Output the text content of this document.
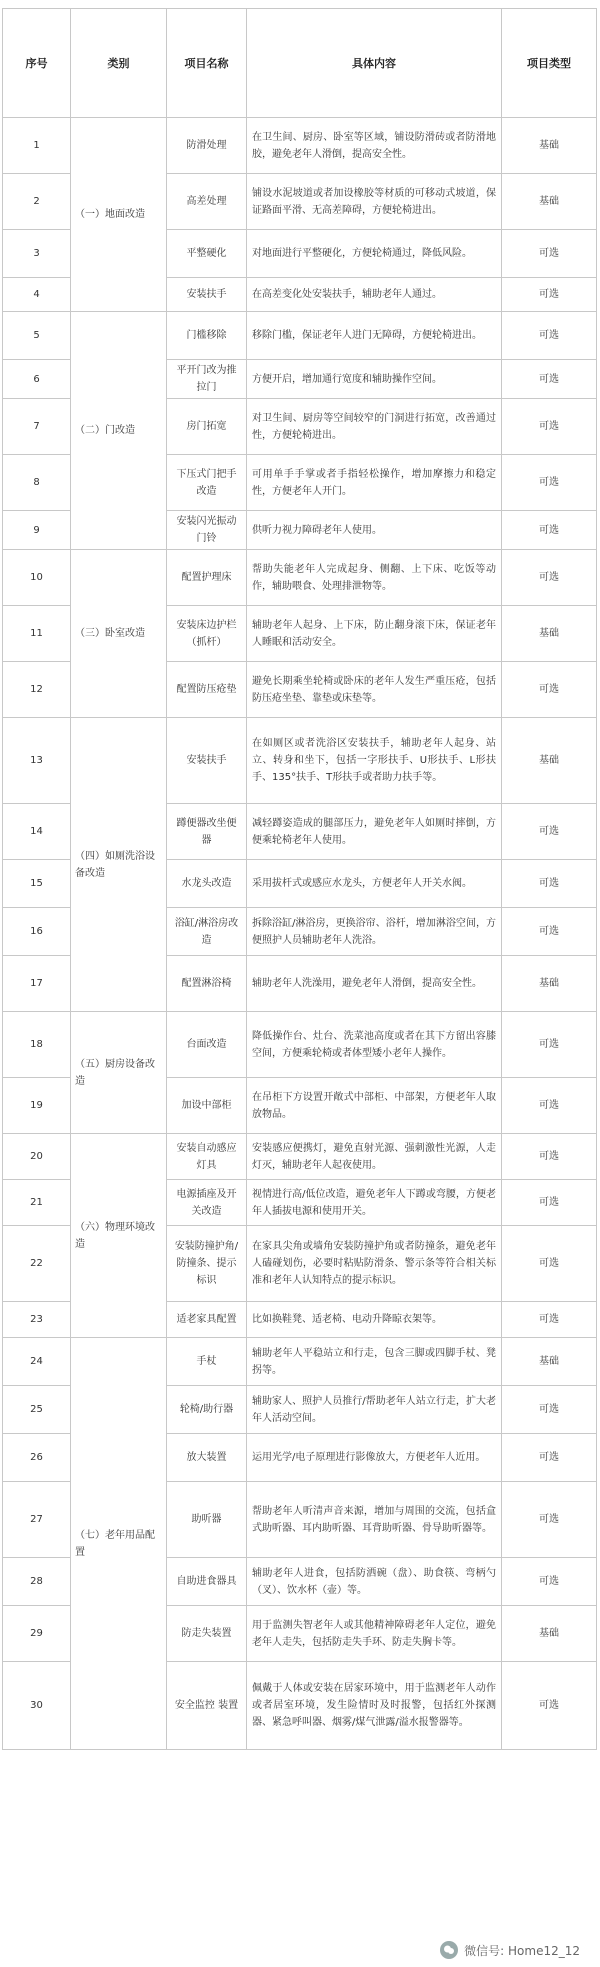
序号	类别	项目名称	具体内容	项目类型
1	（一）地面改造	防滑处理	在卫生间、厨房、卧室等区域，铺设防滑砖或者防滑地胶，避免老年人滑倒，提高安全性。	基础
2		高差处理	铺设水泥坡道或者加设橡胶等材质的可移动式坡道，保证路面平滑、无高差障碍，方便轮椅进出。	基础
3		平整硬化	对地面进行平整硬化，方便轮椅通过，降低风险。	可选
4		安装扶手	在高差变化处安装扶手，辅助老年人通过。	可选
5	（二）门改造	门槛移除	移除门槛，保证老年人进门无障碍，方便轮椅进出。	可选
6		平开门改为推拉门	方便开启，增加通行宽度和辅助操作空间。	可选
7		房门拓宽	对卫生间、厨房等空间较窄的门洞进行拓宽，改善通过性，方便轮椅进出。	可选
8		下压式门把手改造	可用单手手掌或者手指轻松操作，增加摩擦力和稳定性，方便老年人开门。	可选
9		安装闪光振动门铃	供听力视力障碍老年人使用。	可选
10	（三）卧室改造	配置护理床	帮助失能老年人完成起身、侧翻、上下床、吃饭等动作，辅助喂食、处理排泄物等。	可选
11		安装床边护栏（抓杆）	辅助老年人起身、上下床，防止翻身滚下床，保证老年人睡眠和活动安全。	基础
12		配置防压疮垫	避免长期乘坐轮椅或卧床的老年人发生严重压疮，包括防压疮坐垫、靠垫或床垫等。	可选
13	（四）如厕洗浴设备改造	安装扶手	在如厕区或者洗浴区安装扶手，辅助老年人起身、站立、转身和坐下，包括一字形扶手、U形扶手、L形扶手、135°扶手、T形扶手或者助力扶手等。	基础
14		蹲便器改坐便器	减轻蹲姿造成的腿部压力，避免老年人如厕时摔倒，方便乘轮椅老年人使用。	可选
15		水龙头改造	采用拔杆式或感应水龙头，方便老年人开关水阀。	可选
16		浴缸/淋浴房改造	拆除浴缸/淋浴房，更换浴帘、浴杆，增加淋浴空间，方便照护人员辅助老年人洗浴。	可选
17		配置淋浴椅	辅助老年人洗澡用，避免老年人滑倒，提高安全性。	基础
18	（五）厨房设备改造	台面改造	降低操作台、灶台、洗菜池高度或者在其下方留出容膝空间，方便乘轮椅或者体型矮小老年人操作。	可选
19		加设中部柜	在吊柜下方设置开敞式中部柜、中部架，方便老年人取放物品。	可选
20	（六）物理环境改造	安装自动感应灯具	安装感应便携灯，避免直射光源、强刺激性光源，人走灯灭，辅助老年人起夜使用。	可选
21		电源插座及开关改造	视情进行高/低位改造，避免老年人下蹲或弯腰，方便老年人插拔电源和使用开关。	可选
22		安装防撞护角/防撞条、提示标识	在家具尖角或墙角安装防撞护角或者防撞条，避免老年人磕碰划伤，必要时粘贴防滑条、警示条等符合相关标准和老年人认知特点的提示标识。	可选
23		适老家具配置	比如换鞋凳、适老椅、电动升降晾衣架等。	可选
24	（七）老年用品配置	手杖	辅助老年人平稳站立和行走，包含三脚或四脚手杖、凳拐等。	基础
25		轮椅/助行器	辅助家人、照护人员推行/帮助老年人站立行走，扩大老年人活动空间。	可选
26		放大装置	运用光学/电子原理进行影像放大，方便老年人近用。	可选
27		助听器	帮助老年人听清声音来源，增加与周围的交流，包括盒式助听器、耳内助听器、耳背助听器、骨导助听器等。	可选
28		自助进食器具	辅助老年人进食，包括防洒碗（盘）、助食筷、弯柄勺（叉）、饮水杯（壶）等。	可选
29		防走失装置	用于监测失智老年人或其他精神障碍老年人定位，避免老年人走失，包括防走失手环、防走失胸卡等。	基础
30		安全监控 装置	佩戴于人体或安装在居家环境中，用于监测老年人动作或者居室环境，发生险情时及时报警，包括红外探测器、紧急呼叫器、烟雾/煤气泄露/溢水报警器等。	可选
微信号: Home12_12
